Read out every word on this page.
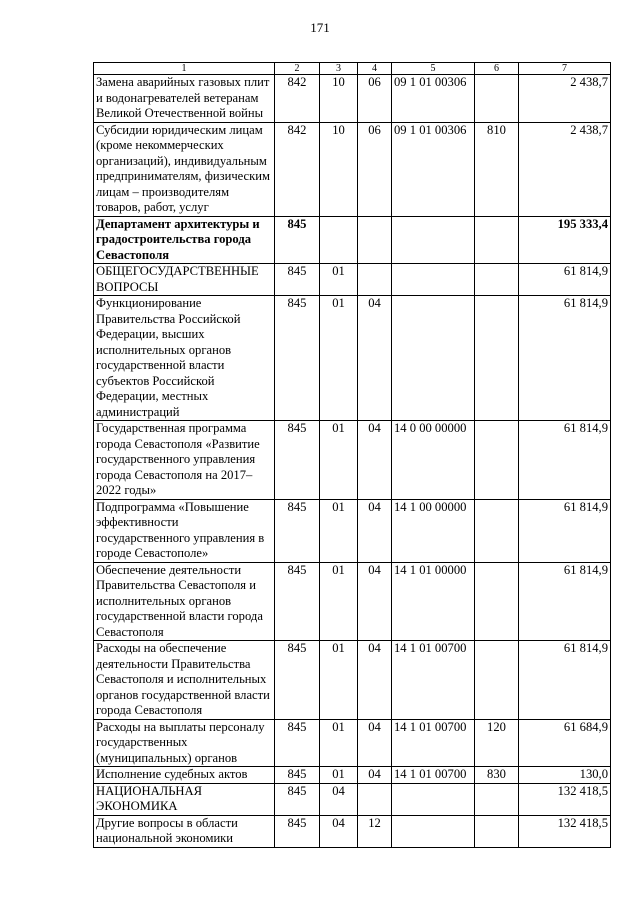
171
1	2	3	4	5	6	7
Замена аварийных газовых плит и водонагревателей ветеранам Великой Отечественной войны	842	10	06	09 1 01 00306		2 438,7
Субсидии юридическим лицам (кроме некоммерческих организаций), индивидуальным предпринимателям, физическим лицам – производителям товаров, работ, услуг	842	10	06	09 1 01 00306	810	2 438,7
Департамент архитектуры и градостроительства города Севастополя	845					195 333,4
ОБЩЕГОСУДАРСТВЕННЫЕ ВОПРОСЫ	845	01				61 814,9
Функционирование Правительства Российской Федерации, высших исполнительных органов государственной власти субъектов Российской Федерации, местных администраций	845	01	04			61 814,9
Государственная программа города Севастополя «Развитие государственного управления города Севастополя на 2017–2022 годы»	845	01	04	14 0 00 00000		61 814,9
Подпрограмма «Повышение эффективности государственного управления в городе Севастополе»	845	01	04	14 1 00 00000		61 814,9
Обеспечение деятельности Правительства Севастополя и исполнительных органов государственной власти города Севастополя	845	01	04	14 1 01 00000		61 814,9
Расходы на обеспечение деятельности Правительства Севастополя и исполнительных органов государственной власти города Севастополя	845	01	04	14 1 01 00700		61 814,9
Расходы на выплаты персоналу государственных (муниципальных) органов	845	01	04	14 1 01 00700	120	61 684,9
Исполнение судебных актов	845	01	04	14 1 01 00700	830	130,0
НАЦИОНАЛЬНАЯ ЭКОНОМИКА	845	04				132 418,5
Другие вопросы в области национальной экономики	845	04	12			132 418,5
